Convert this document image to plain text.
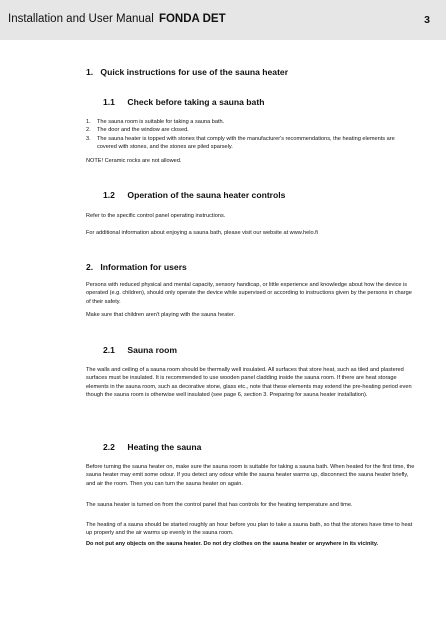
Installation and User Manual FONDA DET	3
1. Quick instructions for use of the sauna heater
1.1 Check before taking a sauna bath
1. The sauna room is suitable for taking a sauna bath.
2. The door and the window are closed.
3. The sauna heater is topped with stones that comply with the manufacturer's recommendations, the heating elements are covered with stones, and the stones are piled sparsely.
NOTE! Ceramic rocks are not allowed.
1.2 Operation of the sauna heater controls
Refer to the specific control panel operating instructions.
For additional information about enjoying a sauna bath, please visit our website at www.helo.fi
2. Information for users
Persons with reduced physical and mental capacity, sensory handicap, or little experience and knowledge about how the device is operated (e.g. children), should only operate the device while supervised or according to instructions given by the persons in charge of their safety.
Make sure that children aren't playing with the sauna heater.
2.1 Sauna room
The walls and ceiling of a sauna room should be thermally well insulated. All surfaces that store heat, such as tiled and plastered surfaces must be insulated. It is recommended to use wooden panel cladding inside the sauna room. If there are heat storage elements in the sauna room, such as decorative stone, glass etc., note that these elements may extend the pre-heating period even though the sauna room is otherwise well insulated (see page 6, section 3. Preparing for sauna heater installation).
2.2 Heating the sauna
Before turning the sauna heater on, make sure the sauna room is suitable for taking a sauna bath. When heated for the first time, the sauna heater may emit some odour. If you detect any odour while the sauna heater warms up, disconnect the sauna heater briefly, and air the room. Then you can turn the sauna heater on again.
The sauna heater is turned on from the control panel that has controls for the heating temperature and time.
The heating of a sauna should be started roughly an hour before you plan to take a sauna bath, so that the stones have time to heat up properly and the air warms up evenly in the sauna room.
Do not put any objects on the sauna heater. Do not dry clothes on the sauna heater or anywhere in its vicinity.
